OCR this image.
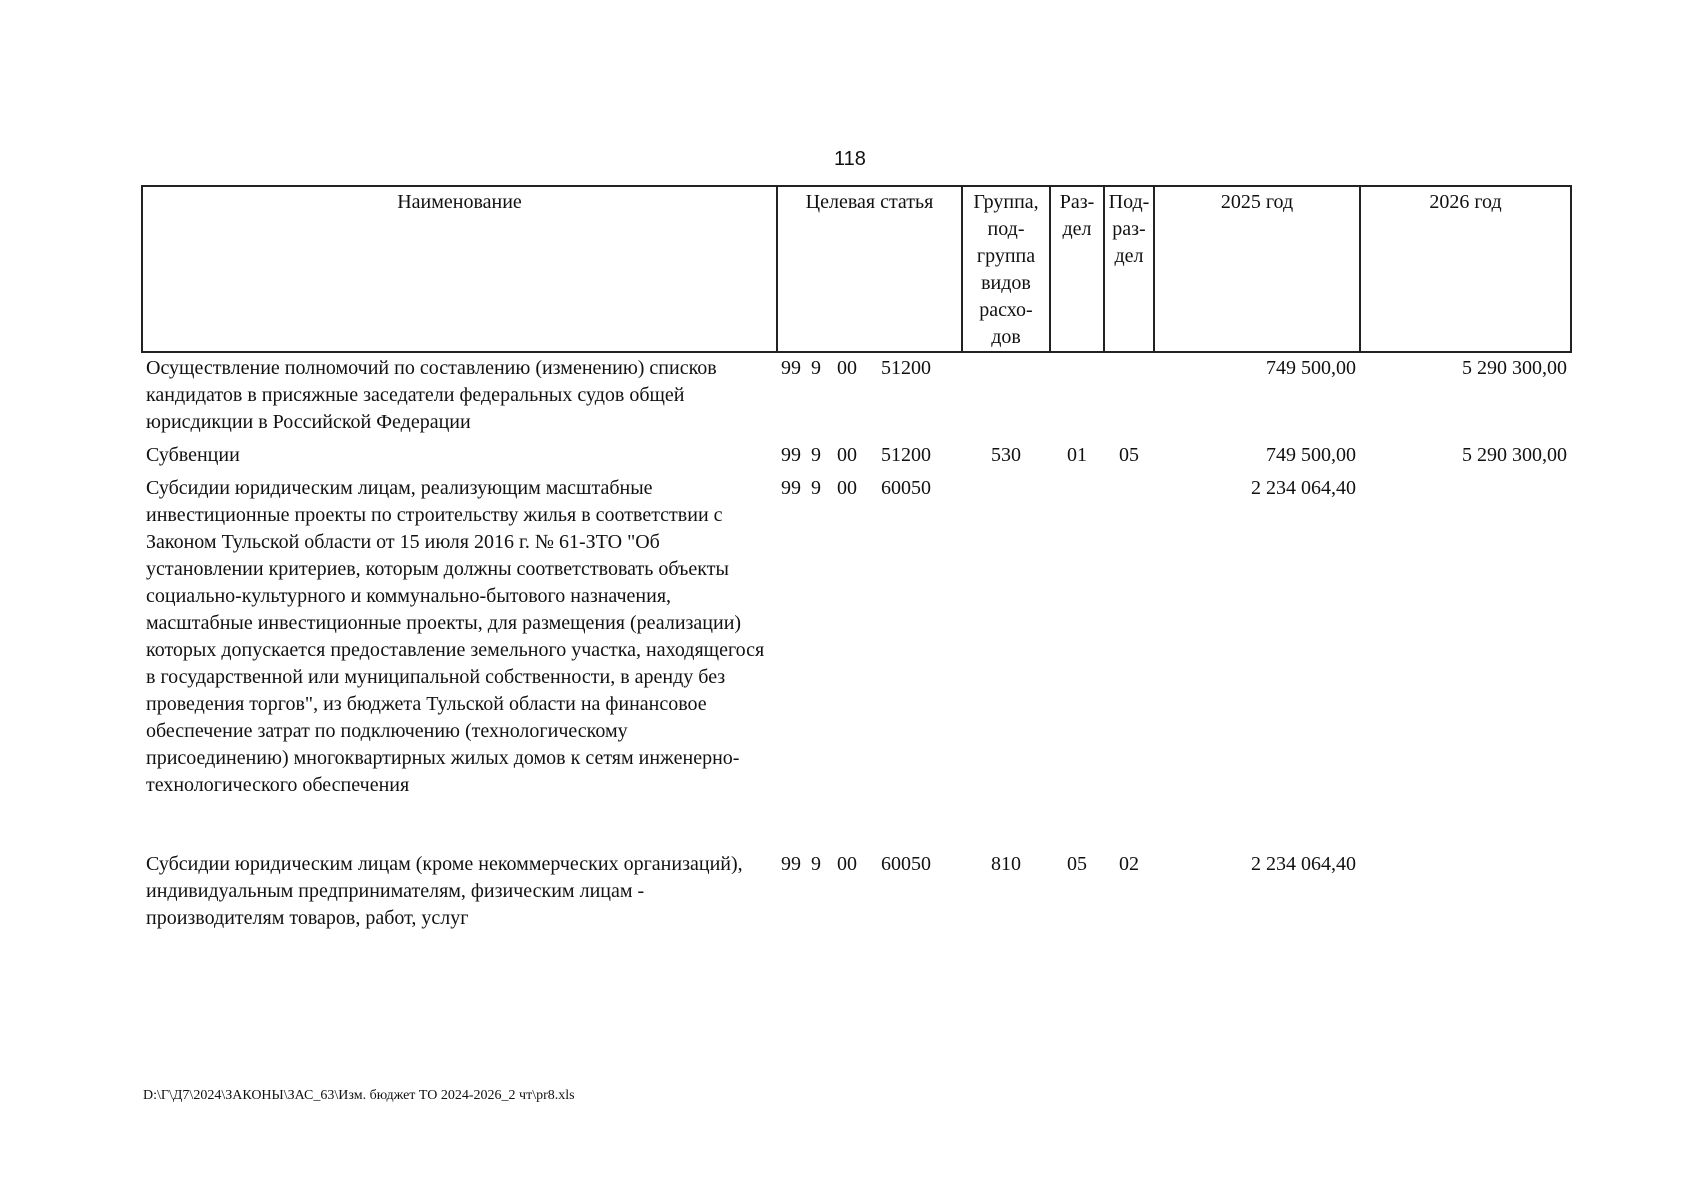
118
Наименование	Целевая статья	Группа, под- группа видов расхо- дов	Раз- дел	Под- раз- дел	2025 год	2026 год
Осуществление полномочий по составлению (изменению) списков кандидатов в присяжные заседатели федеральных судов общей юрисдикции в Российской Федерации	99 9 00 51200				749 500,00	5 290 300,00
Субвенции	99 9 00 51200	530	01	05	749 500,00	5 290 300,00
Субсидии юридическим лицам, реализующим масштабные инвестиционные проекты по строительству жилья в соответствии с Законом Тульской области от 15 июля 2016 г. № 61-ЗТО "Об установлении критериев, которым должны соответствовать объекты социально-культурного и коммунально-бытового назначения, масштабные инвестиционные проекты, для размещения (реализации) которых допускается предоставление земельного участка, находящегося в государственной или муниципальной собственности, в аренду без проведения торгов", из бюджета Тульской области на финансовое обеспечение затрат по подключению (технологическому присоединению) многоквартирных жилых домов к сетям инженерно-технологического обеспечения	99 9 00 60050				2 234 064,40	

Субсидии юридическим лицам (кроме некоммерческих организаций), индивидуальным предпринимателям, физическим лицам - производителям товаров, работ, услуг	99 9 00 60050	810	05	02	2 234 064,40	
D:\Г\Д7\2024\ЗАКОНЫ\ЗАС_63\Изм. бюджет ТО 2024-2026_2 чт\pr8.xls
